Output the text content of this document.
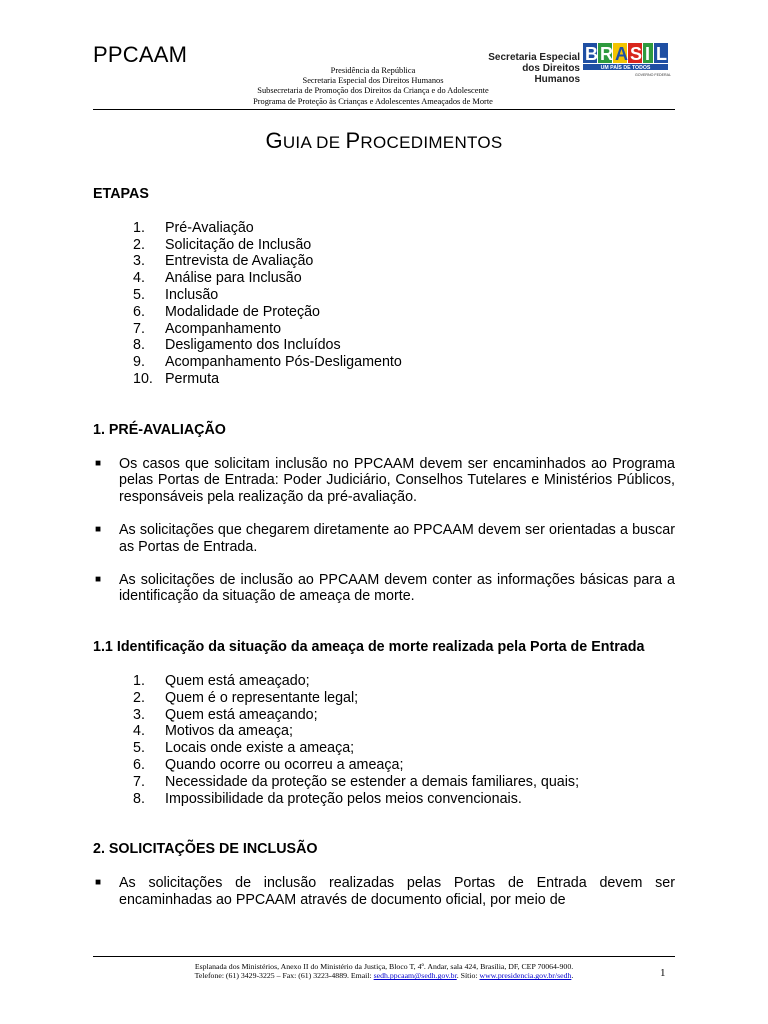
PPCAAM
Presidência da República
Secretaria Especial dos Direitos Humanos
Subsecretaria de Promoção dos Direitos da Criança e do Adolescente
Programa de Proteção às Crianças e Adolescentes Ameaçados de Morte
Secretaria Especial
dos Direitos Humanos
B R A S I L
UM PAÍS DE TODOS
GOVERNO FEDERAL
GUIA DE PROCEDIMENTOS
ETAPAS
1.	Pré-Avaliação
2.	Solicitação de Inclusão
3.	Entrevista de Avaliação
4.	Análise para Inclusão
5.	Inclusão
6.	Modalidade de Proteção
7.	Acompanhamento
8.	Desligamento dos Incluídos
9.	Acompanhamento Pós-Desligamento
10. Permuta
1. PRÉ-AVALIAÇÃO
■ Os casos que solicitam inclusão no PPCAAM devem ser encaminhados ao Programa pelas Portas de Entrada: Poder Judiciário, Conselhos Tutelares e Ministérios Públicos, responsáveis pela realização da pré-avaliação.
■ As solicitações que chegarem diretamente ao PPCAAM devem ser orientadas a buscar as Portas de Entrada.
■ As solicitações de inclusão ao PPCAAM devem conter as informações básicas para a identificação da situação de ameaça de morte.
1.1 Identificação da situação da ameaça de morte realizada pela Porta de Entrada
1.	Quem está ameaçado;
2.	Quem é o representante legal;
3.	Quem está ameaçando;
4.	Motivos da ameaça;
5.	Locais onde existe a ameaça;
6.	Quando ocorre ou ocorreu a ameaça;
7.	Necessidade da proteção se estender a demais familiares, quais;
8.	Impossibilidade da proteção pelos meios convencionais.
2. SOLICITAÇÕES DE INCLUSÃO
■ As solicitações de inclusão realizadas pelas Portas de Entrada devem ser encaminhadas ao PPCAAM através de documento oficial, por meio de
Esplanada dos Ministérios, Anexo II do Ministério da Justiça, Bloco T, 4º. Andar, sala 424, Brasília, DF, CEP 70064-900.
Telefone: (61) 3429-3225 – Fax: (61) 3223-4889. Email: sedh.ppcaam@sedh.gov.br. Sítio: www.presidencia.gov.br/sedh.	1
